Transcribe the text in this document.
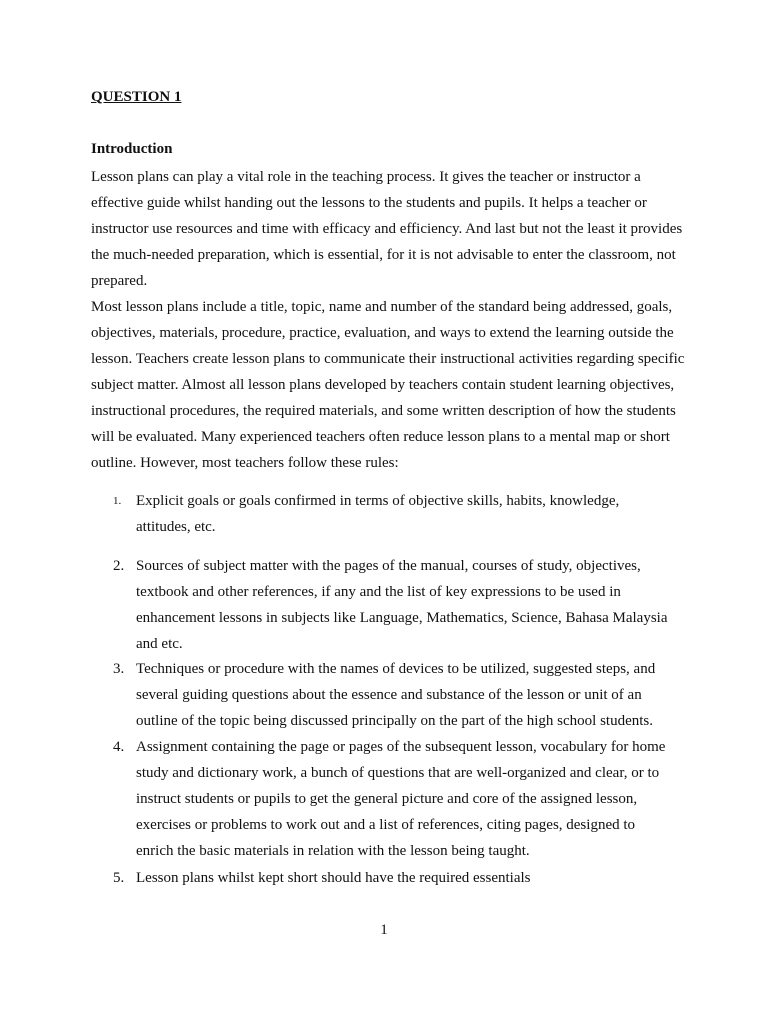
QUESTION 1

Introduction

Lesson plans can play a vital role in the teaching process. It gives the teacher or instructor a effective guide whilst handing out the lessons to the students and pupils. It helps a teacher or instructor use resources and time with efficacy and efficiency. And last but not the least it provides the much-needed preparation, which is essential, for it is not advisable to enter the classroom, not prepared.

Most lesson plans include a title, topic, name and number of the standard being addressed, goals, objectives, materials, procedure, practice, evaluation, and ways to extend the learning outside the lesson. Teachers create lesson plans to communicate their instructional activities regarding specific subject matter. Almost all lesson plans developed by teachers contain student learning objectives, instructional procedures, the required materials, and some written description of how the students will be evaluated. Many experienced teachers often reduce lesson plans to a mental map or short outline. However, most teachers follow these rules:

1. Explicit goals or goals confirmed in terms of objective skills, habits, knowledge, attitudes, etc.
2. Sources of subject matter with the pages of the manual, courses of study, objectives, textbook and other references, if any and the list of key expressions to be used in enhancement lessons in subjects like Language, Mathematics, Science, Bahasa Malaysia and etc.
3. Techniques or procedure with the names of devices to be utilized, suggested steps, and several guiding questions about the essence and substance of the lesson or unit of an outline of the topic being discussed principally on the part of the high school students.
4. Assignment containing the page or pages of the subsequent lesson, vocabulary for home study and dictionary work, a bunch of questions that are well-organized and clear, or to instruct students or pupils to get the general picture and core of the assigned lesson, exercises or problems to work out and a list of references, citing pages, designed to enrich the basic materials in relation with the lesson being taught.
5. Lesson plans whilst kept short should have the required essentials
1
